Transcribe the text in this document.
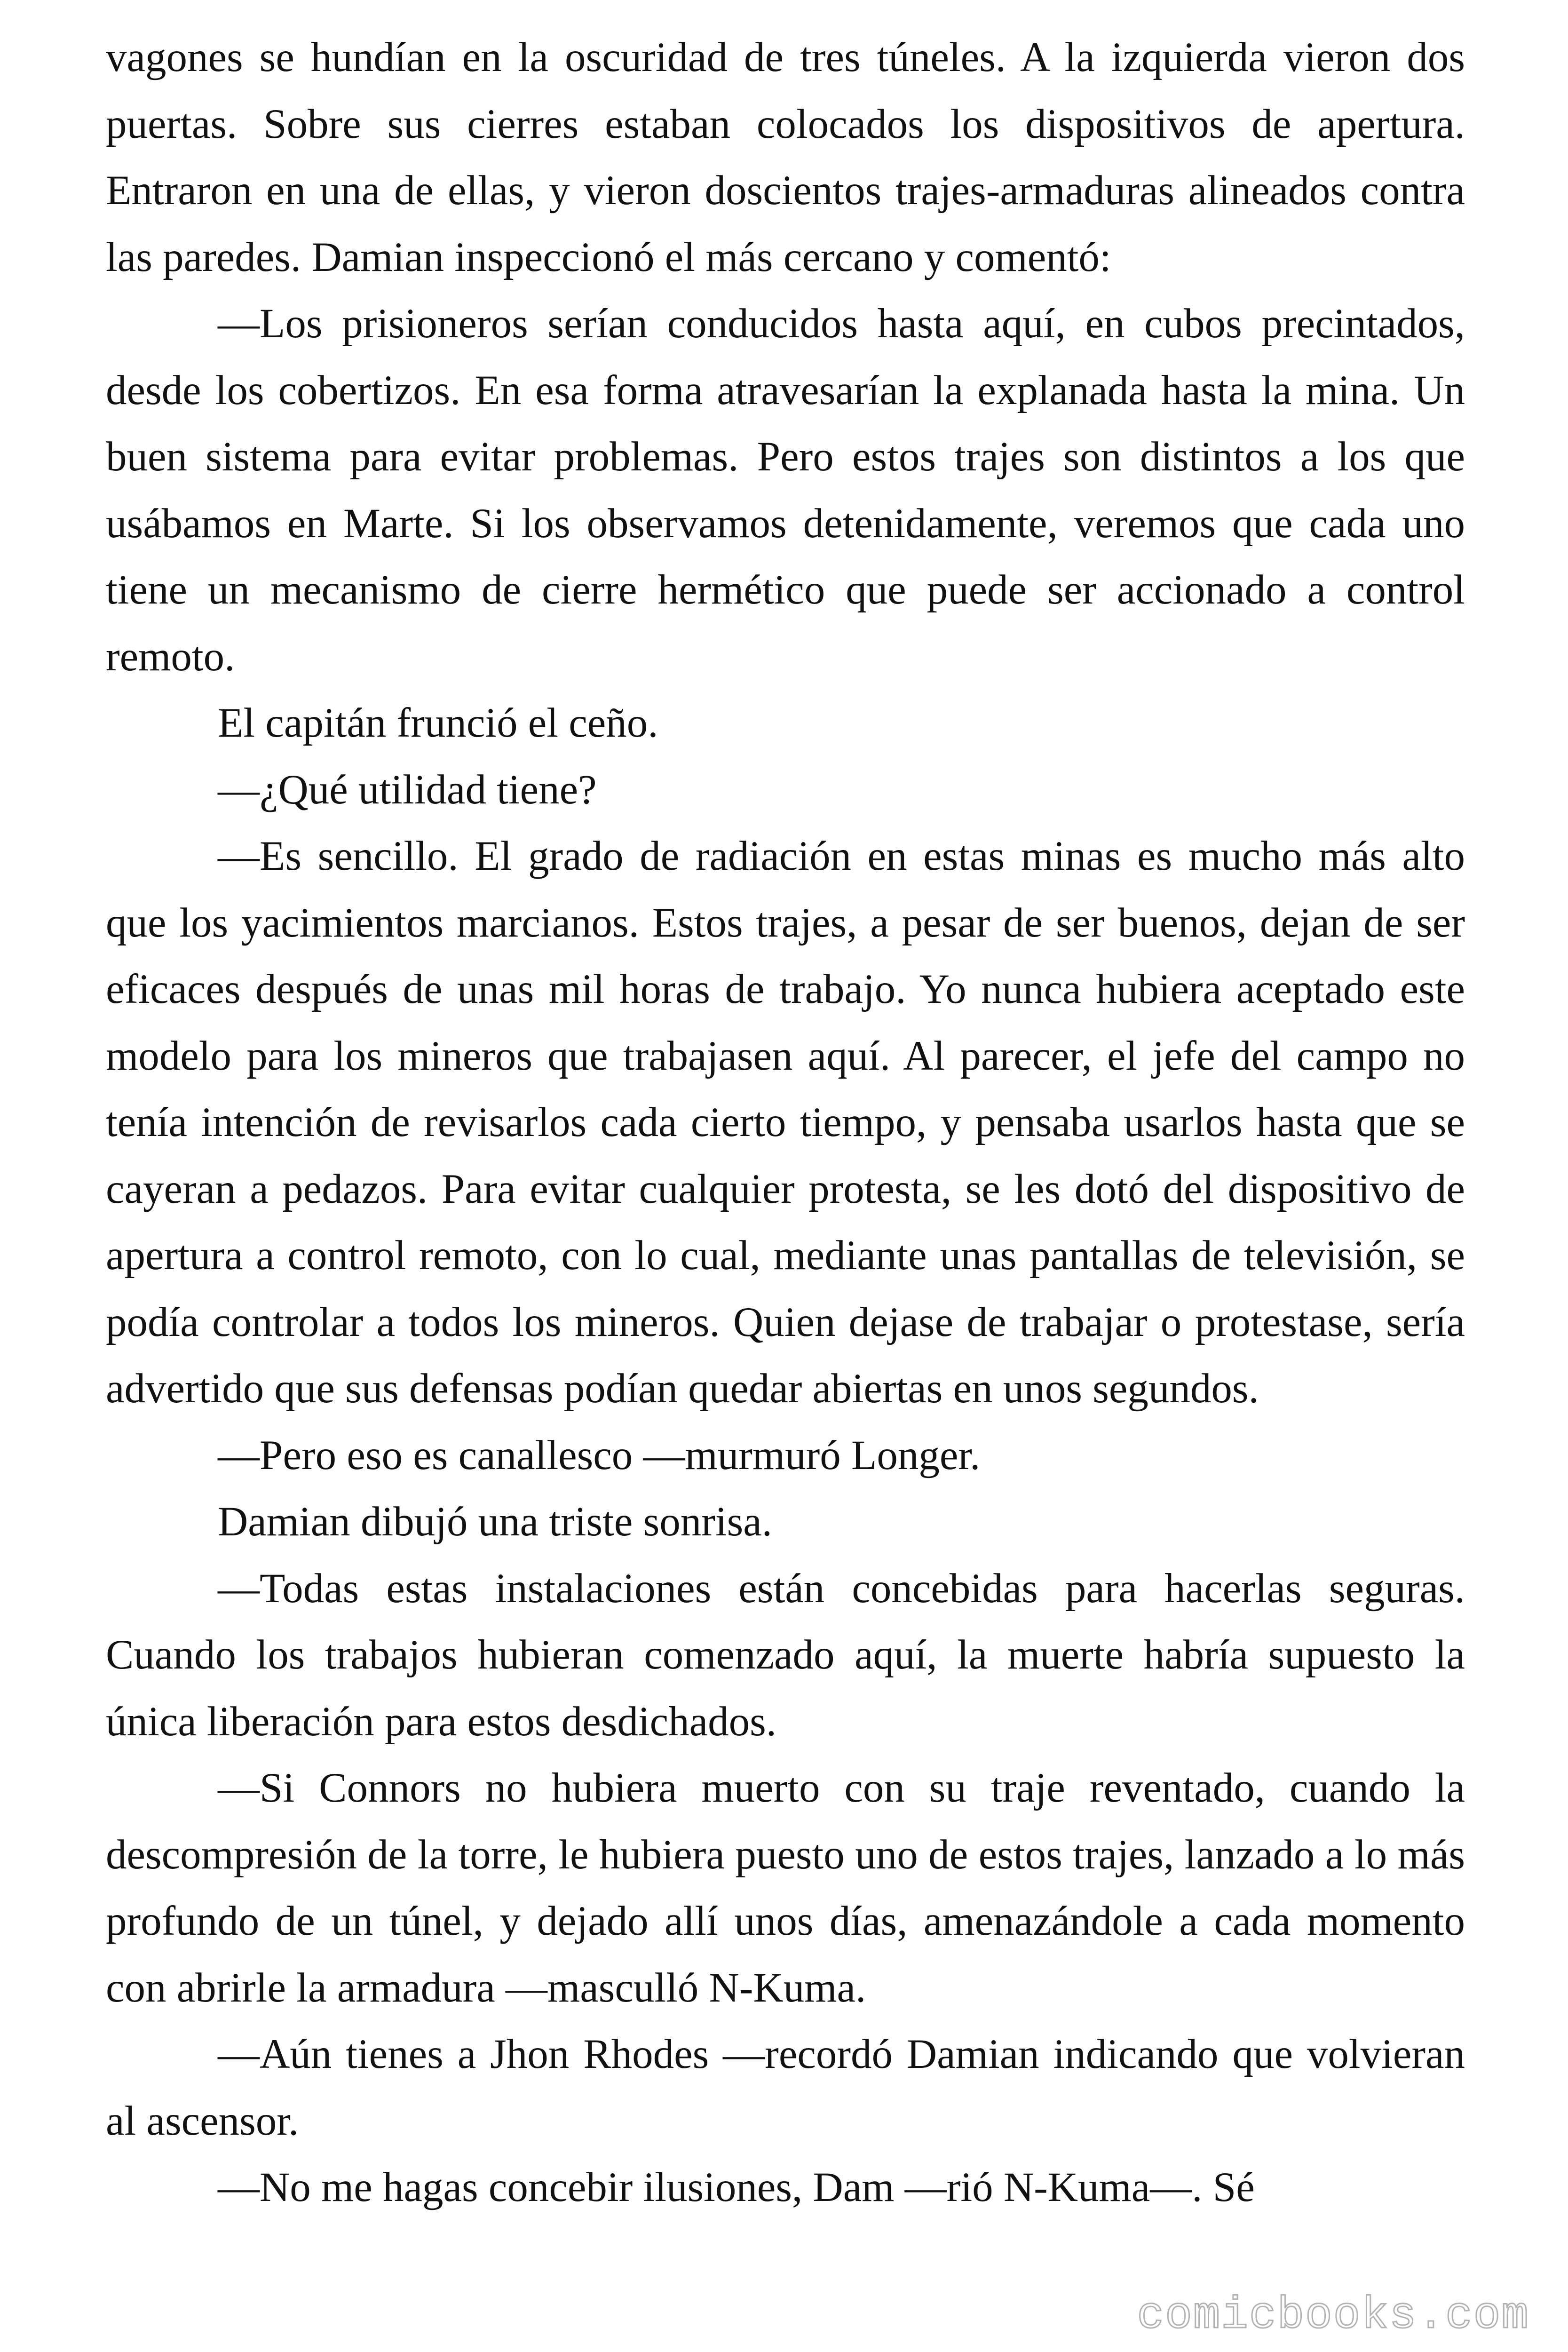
vagones se hundían en la oscuridad de tres túneles. A la izquierda vieron dos puertas. Sobre sus cierres estaban colocados los dispositivos de apertura. Entraron en una de ellas, y vieron doscientos trajes-armaduras alineados contra las paredes. Damian inspeccionó el más cercano y comentó:

—Los prisioneros serían conducidos hasta aquí, en cubos precintados, desde los cobertizos. En esa forma atravesarían la explanada hasta la mina. Un buen sistema para evitar problemas. Pero estos trajes son distintos a los que usábamos en Marte. Si los observamos detenidamente, veremos que cada uno tiene un mecanismo de cierre hermético que puede ser accionado a control remoto.

El capitán frunció el ceño.

—¿Qué utilidad tiene?

—Es sencillo. El grado de radiación en estas minas es mucho más alto que los yacimientos marcianos. Estos trajes, a pesar de ser buenos, dejan de ser eficaces después de unas mil horas de trabajo. Yo nunca hubiera aceptado este modelo para los mineros que trabajasen aquí. Al parecer, el jefe del campo no tenía intención de revisarlos cada cierto tiempo, y pensaba usarlos hasta que se cayeran a pedazos. Para evitar cualquier protesta, se les dotó del dispositivo de apertura a control remoto, con lo cual, mediante unas pantallas de televisión, se podía controlar a todos los mineros. Quien dejase de trabajar o protestase, sería advertido que sus defensas podían quedar abiertas en unos segundos.

—Pero eso es canallesco —murmuró Longer.

Damian dibujó una triste sonrisa.

—Todas estas instalaciones están concebidas para hacerlas seguras. Cuando los trabajos hubieran comenzado aquí, la muerte habría supuesto la única liberación para estos desdichados.

—Si Connors no hubiera muerto con su traje reventado, cuando la descompresión de la torre, le hubiera puesto uno de estos trajes, lanzado a lo más profundo de un túnel, y dejado allí unos días, amenazándole a cada momento con abrirle la armadura —masculló N-Kuma.

—Aún tienes a Jhon Rhodes —recordó Damian indicando que volvieran al ascensor.

—No me hagas concebir ilusiones, Dam —rió N-Kuma—. Sé

comicbooks.com
